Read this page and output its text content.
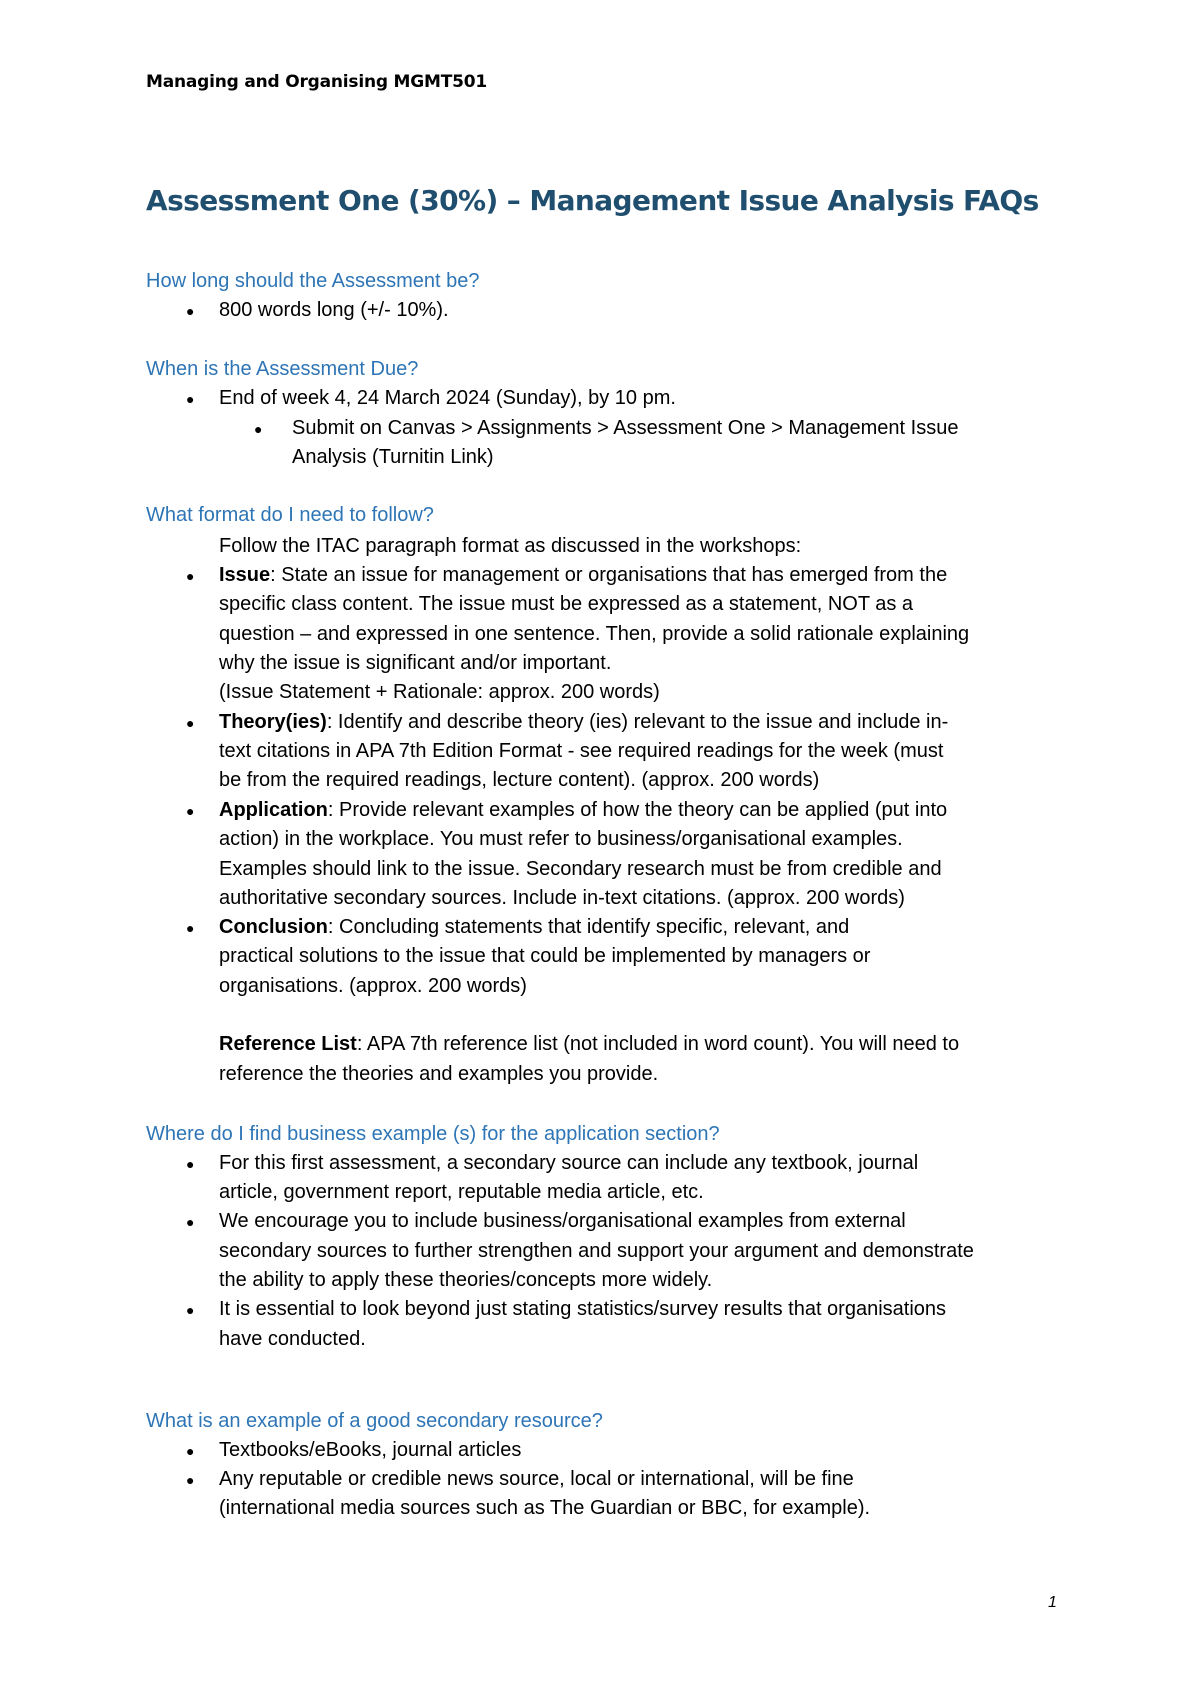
Managing and Organising MGMT501
Assessment One (30%) – Management Issue Analysis FAQs
How long should the Assessment be?
● 800 words long (+/- 10%).
When is the Assessment Due?
● End of week 4, 24 March 2024 (Sunday), by 10 pm.
● Submit on Canvas > Assignments > Assessment One > Management Issue
Analysis (Turnitin Link)
What format do I need to follow?
Follow the ITAC paragraph format as discussed in the workshops:
● Issue: State an issue for management or organisations that has emerged from the
specific class content. The issue must be expressed as a statement, NOT as a
question – and expressed in one sentence. Then, provide a solid rationale explaining
why the issue is significant and/or important.
(Issue Statement + Rationale: approx. 200 words)
● Theory(ies): Identify and describe theory (ies) relevant to the issue and include in-
text citations in APA 7th Edition Format - see required readings for the week (must
be from the required readings, lecture content). (approx. 200 words)
● Application: Provide relevant examples of how the theory can be applied (put into
action) in the workplace. You must refer to business/organisational examples.
Examples should link to the issue. Secondary research must be from credible and
authoritative secondary sources. Include in-text citations. (approx. 200 words)
● Conclusion: Concluding statements that identify specific, relevant, and
practical solutions to the issue that could be implemented by managers or
organisations. (approx. 200 words)
Reference List: APA 7th reference list (not included in word count). You will need to
reference the theories and examples you provide.
Where do I find business example (s) for the application section?
● For this first assessment, a secondary source can include any textbook, journal
article, government report, reputable media article, etc.
● We encourage you to include business/organisational examples from external
secondary sources to further strengthen and support your argument and demonstrate
the ability to apply these theories/concepts more widely.
● It is essential to look beyond just stating statistics/survey results that organisations
have conducted.
What is an example of a good secondary resource?
● Textbooks/eBooks, journal articles
● Any reputable or credible news source, local or international, will be fine
(international media sources such as The Guardian or BBC, for example).
1
